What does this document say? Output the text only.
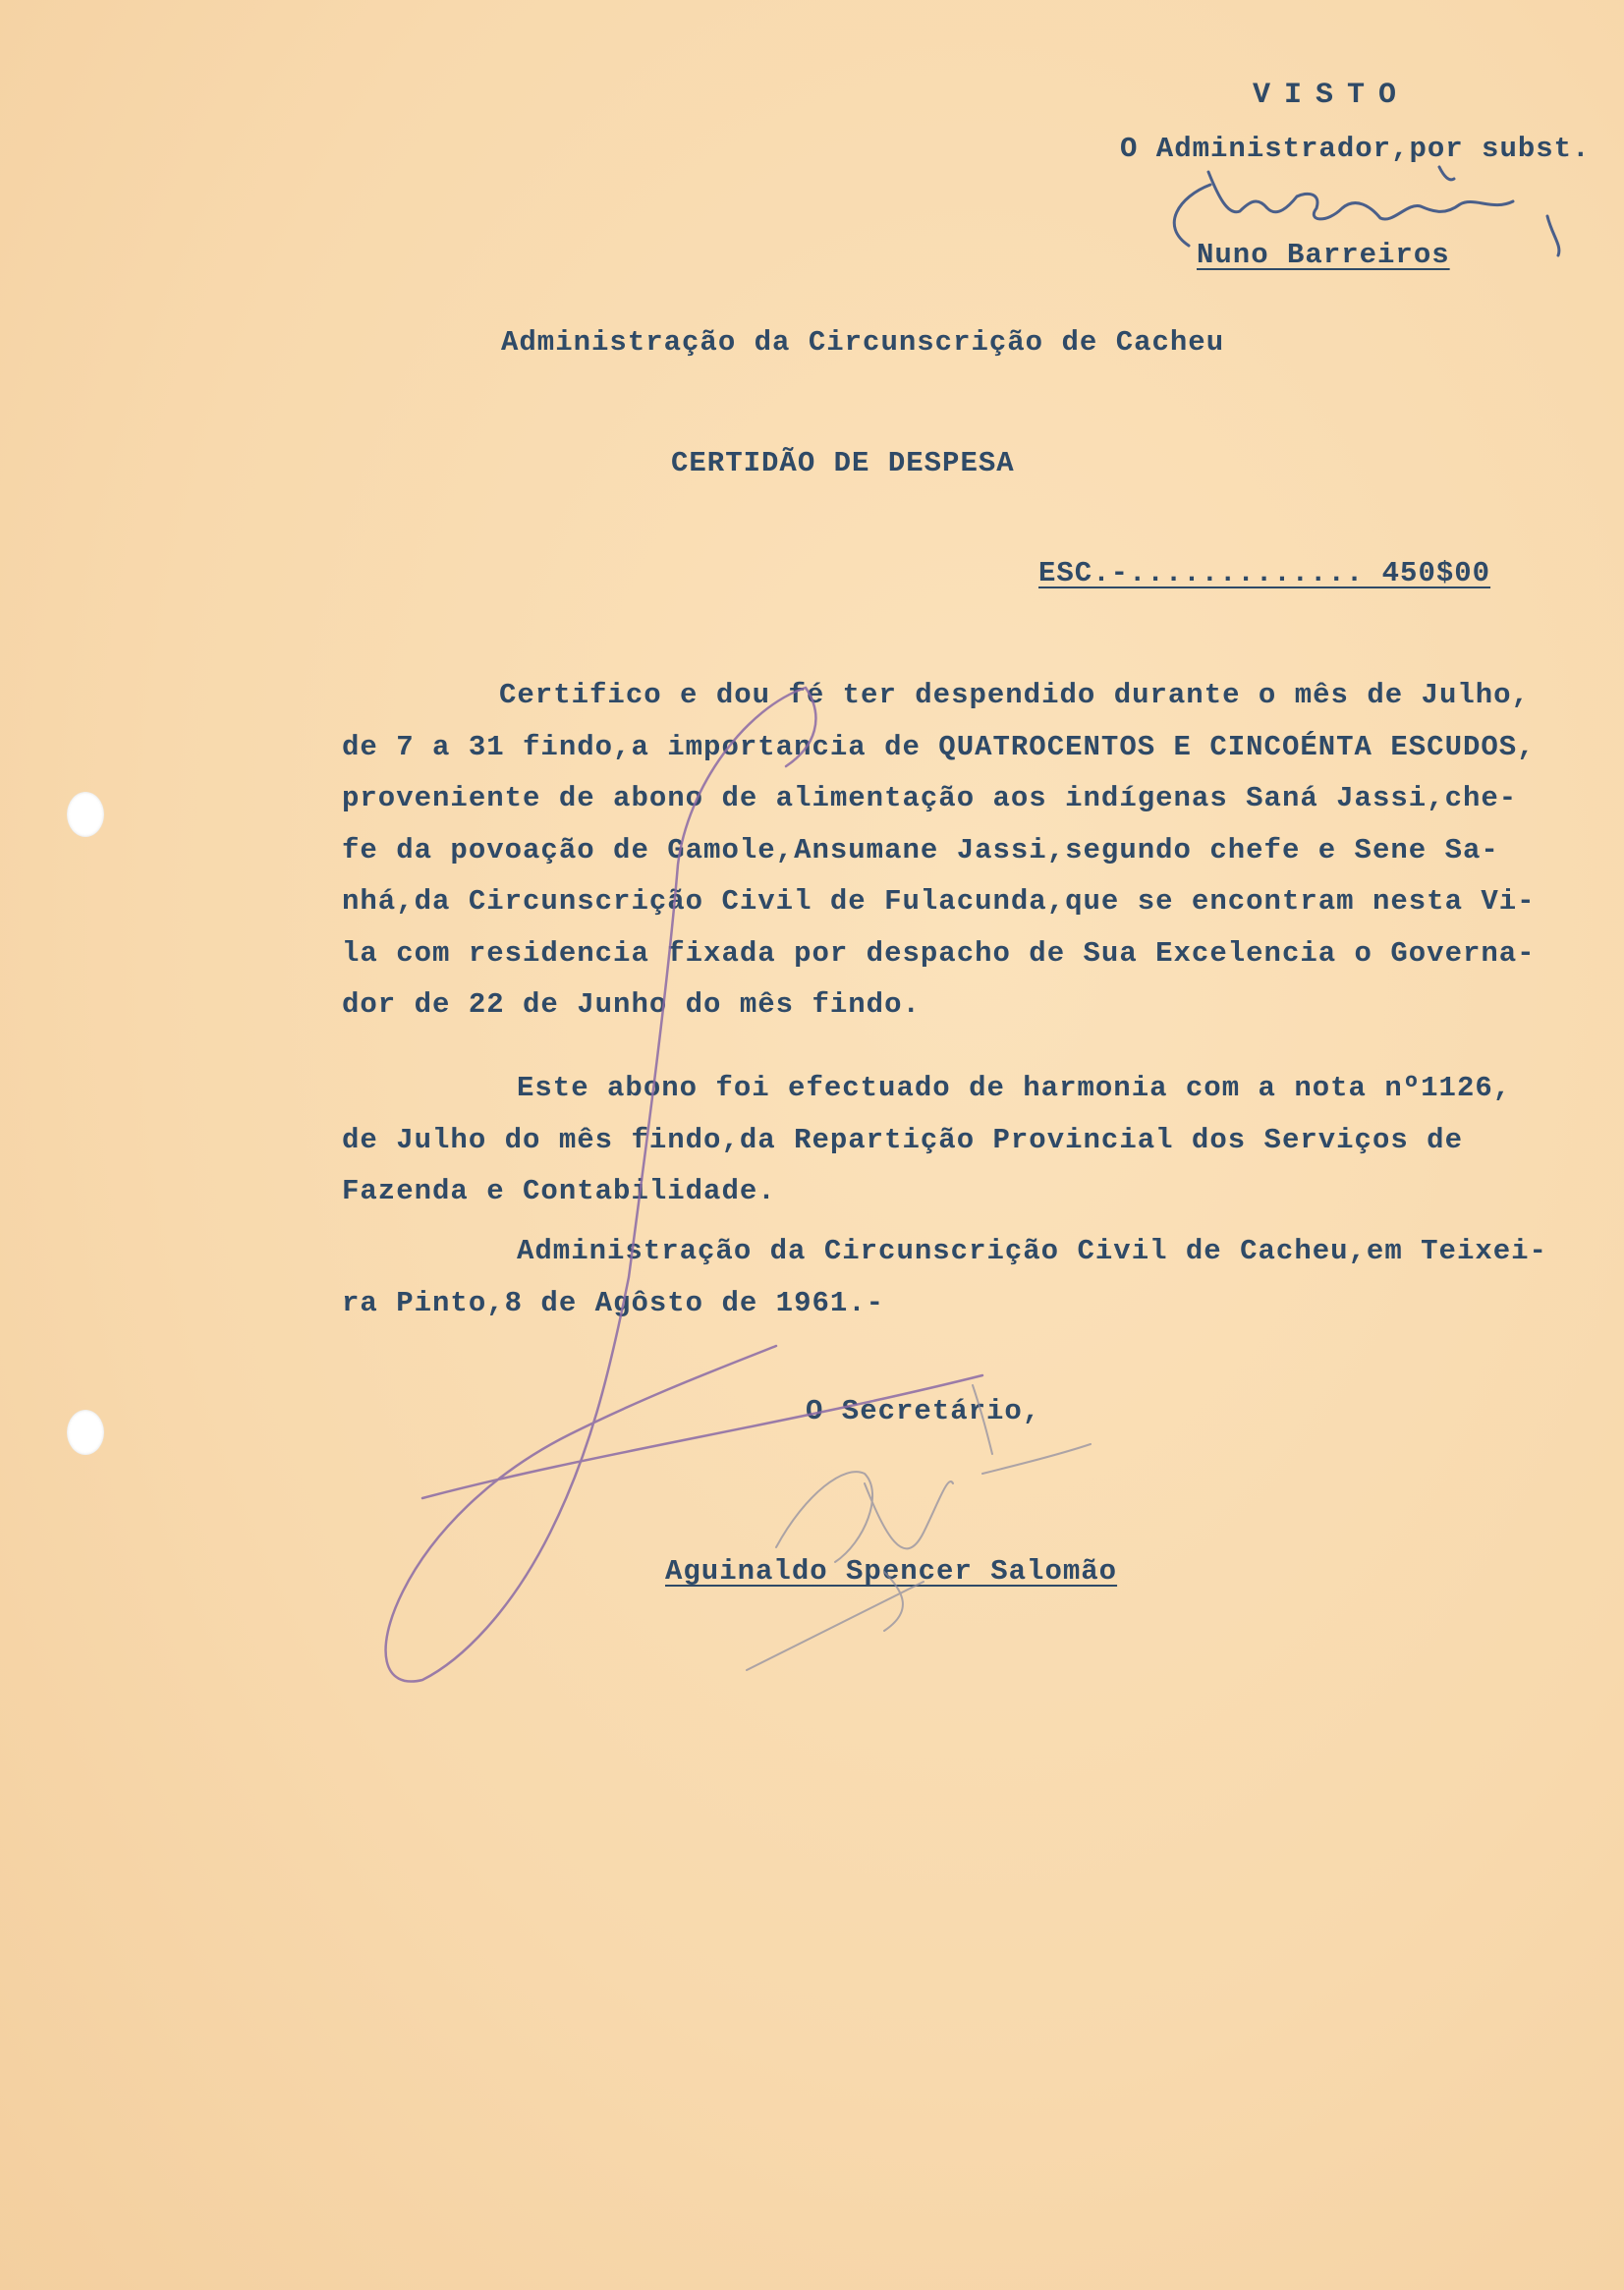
VISTO
O Administrador,por subst.
Nuno Barreiros
Administração da Circunscrição de Cacheu
CERTIDÃO DE DESPESA
ESC.-............. 450$00
Certifico e dou fé ter despendido durante o mês de Julho,
de 7 a 31 findo,a importancia de QUATROCENTOS E CINCOÉNTA ESCUDOS,
proveniente de abono de alimentação aos indígenas Saná Jassi,che-
fe da povoação de Gamole,Ansumane Jassi,segundo chefe e Sene Sa-
nhá,da Circunscrição Civil de Fulacunda,que se encontram nesta Vi-
la com residencia fixada por despacho de Sua Excelencia o Governa-
dor de 22 de Junho do mês findo.
Este abono foi efectuado de harmonia com a nota nº1126,
de Julho do mês findo,da Repartição Provincial dos Serviços de
Fazenda e Contabilidade.
Administração da Circunscrição Civil de Cacheu,em Teixei-
ra Pinto,8 de Agôsto de 1961.-
O Secretário,
Aguinaldo Spencer Salomão
